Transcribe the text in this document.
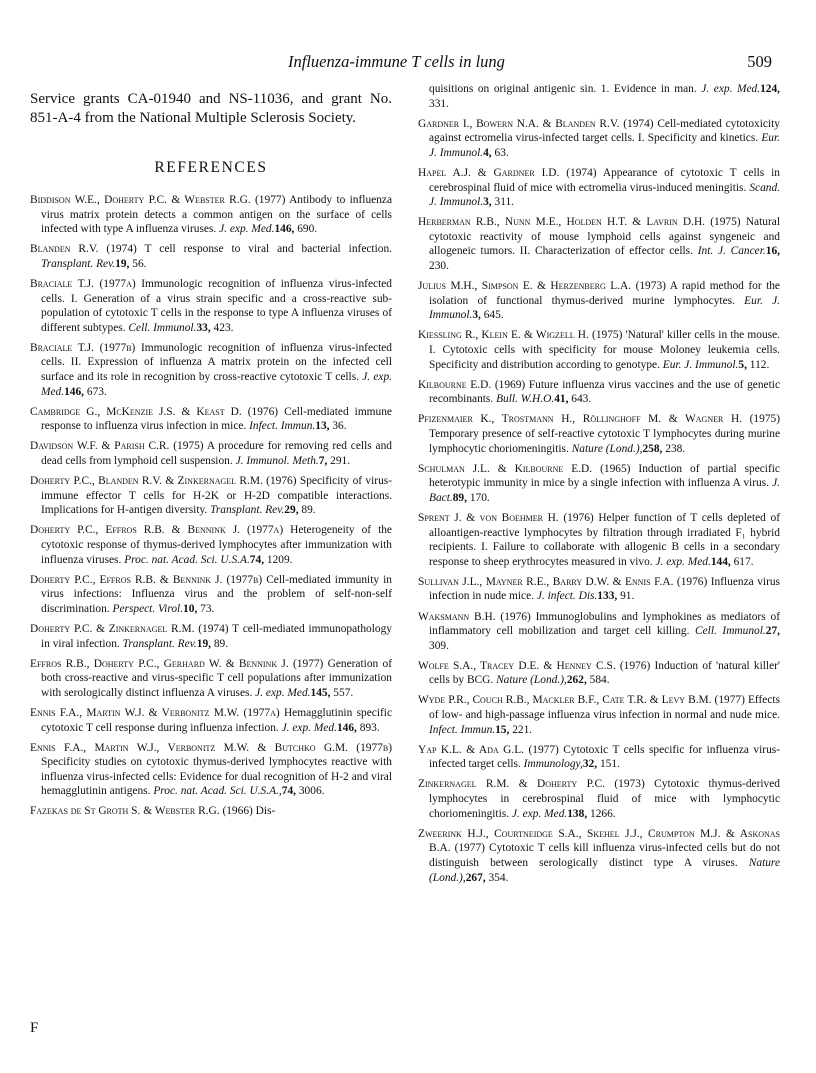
Influenza-immune T cells in lung	509

Service grants CA-01940 and NS-11036, and grant No. 851-A-4 from the National Multiple Sclerosis Society.

REFERENCES

Biddison W.E., Doherty P.C. & Webster R.G. (1977) Antibody to influenza virus matrix protein detects a common antigen on the surface of cells infected with type A influenza viruses. J. exp. Med.146, 690.

Blanden R.V. (1974) T cell response to viral and bacterial infection. Transplant. Rev.19, 56.

Braciale T.J. (1977a) Immunologic recognition of influenza virus-infected cells. I. Generation of a virus strain specific and a cross-reactive sub-population of cytotoxic T cells in the response to type A influenza viruses of different subtypes. Cell. Immunol.33, 423.

Braciale T.J. (1977b) Immunologic recognition of influenza virus-infected cells. II. Expression of influenza A matrix protein on the infected cell surface and its role in recognition by cross-reactive cytotoxic T cells. J. exp. Med.146, 673.

Cambridge G., McKenzie J.S. & Keast D. (1976) Cell-mediated immune response to influenza virus infection in mice. Infect. Immun.13, 36.

Davidson W.F. & Parish C.R. (1975) A procedure for removing red cells and dead cells from lymphoid cell suspension. J. Immunol. Meth.7, 291.

Doherty P.C., Blanden R.V. & Zinkernagel R.M. (1976) Specificity of virus-immune effector T cells for H-2K or H-2D compatible interactions. Implications for H-antigen diversity. Transplant. Rev.29, 89.

Doherty P.C., Effros R.B. & Bennink J. (1977a) Heterogeneity of the cytotoxic response of thymus-derived lymphocytes after immunization with influenza viruses. Proc. nat. Acad. Sci. U.S.A.74, 1209.

Doherty P.C., Effros R.B. & Bennink J. (1977b) Cell-mediated immunity in virus infections: Influenza virus and the problem of self-non-self discrimination. Perspect. Virol.10, 73.

Doherty P.C. & Zinkernagel R.M. (1974) T cell-mediated immunopathology in viral infection. Transplant. Rev.19, 89.

Effros R.B., Doherty P.C., Gerhard W. & Bennink J. (1977) Generation of both cross-reactive and virus-specific T cell populations after immunization with serologically distinct influenza A viruses. J. exp. Med.145, 557.

Ennis F.A., Martin W.J. & Verbonitz M.W. (1977a) Hemagglutinin specific cytotoxic T cell response during influenza infection. J. exp. Med.146, 893.

Ennis F.A., Martin W.J., Verbonitz M.W. & Butchko G.M. (1977b) Specificity studies on cytotoxic thymus-derived lymphocytes reactive with influenza virus-infected cells: Evidence for dual recognition of H-2 and viral hemagglutinin antigens. Proc. nat. Acad. Sci. U.S.A.,74, 3006.

Fazekas de St Groth S. & Webster R.G. (1966) Dis-

quisitions on original antigenic sin. 1. Evidence in man. J. exp. Med.124, 331.

Gardner I., Bowern N.A. & Blanden R.V. (1974) Cell-mediated cytotoxicity against ectromelia virus-infected target cells. I. Specificity and kinetics. Eur. J. Immunol.4, 63.

Hapel A.J. & Gardner I.D. (1974) Appearance of cytotoxic T cells in cerebrospinal fluid of mice with ectromelia virus-induced meningitis. Scand. J. Immunol.3, 311.

Herberman R.B., Nunn M.E., Holden H.T. & Lavrin D.H. (1975) Natural cytotoxic reactivity of mouse lymphoid cells against syngeneic and allogeneic tumors. II. Characterization of effector cells. Int. J. Cancer.16, 230.

Julius M.H., Simpson E. & Herzenberg L.A. (1973) A rapid method for the isolation of functional thymus-derived murine lymphocytes. Eur. J. Immunol.3, 645.

Kiessling R., Klein E. & Wigzell H. (1975) 'Natural' killer cells in the mouse. I. Cytotoxic cells with specificity for mouse Moloney leukemia cells. Specificity and distribution according to genotype. Eur. J. Immunol.5, 112.

Kilbourne E.D. (1969) Future influenza virus vaccines and the use of genetic recombinants. Bull. W.H.O.41, 643.

Pfizenmaier K., Trostmann H., Röllinghoff M. & Wagner H. (1975) Temporary presence of self-reactive cytotoxic T lymphocytes during murine lymphocytic choriomeningitis. Nature (Lond.),258, 238.

Schulman J.L. & Kilbourne E.D. (1965) Induction of partial specific heterotypic immunity in mice by a single infection with influenza A virus. J. Bact.89, 170.

Sprent J. & von Boehmer H. (1976) Helper function of T cells depleted of alloantigen-reactive lymphocytes by filtration through irradiated F₁ hybrid recipients. I. Failure to collaborate with allogenic B cells in a secondary response to sheep erythrocytes measured in vivo. J. exp. Med.144, 617.

Sullivan J.L., Mayner R.E., Barry D.W. & Ennis F.A. (1976) Influenza virus infection in nude mice. J. infect. Dis.133, 91.

Waksmann B.H. (1976) Immunoglobulins and lymphokines as mediators of inflammatory cell mobilization and target cell killing. Cell. Immunol.27, 309.

Wolfe S.A., Tracey D.E. & Henney C.S. (1976) Induction of 'natural killer' cells by BCG. Nature (Lond.),262, 584.

Wyde P.R., Couch R.B., Mackler B.F., Cate T.R. & Levy B.M. (1977) Effects of low- and high-passage influenza virus infection in normal and nude mice. Infect. Immun.15, 221.

Yap K.L. & Ada G.L. (1977) Cytotoxic T cells specific for influenza virus-infected target cells. Immunology,32, 151.

Zinkernagel R.M. & Doherty P.C. (1973) Cytotoxic thymus-derived lymphocytes in cerebrospinal fluid of mice with lymphocytic choriomeningitis. J. exp. Med.138, 1266.

Zweerink H.J., Courtneidge S.A., Skehel J.J., Crumpton M.J. & Askonas B.A. (1977) Cytotoxic T cells kill influenza virus-infected cells but do not distinguish between serologically distinct type A viruses. Nature (Lond.),267, 354.

F
